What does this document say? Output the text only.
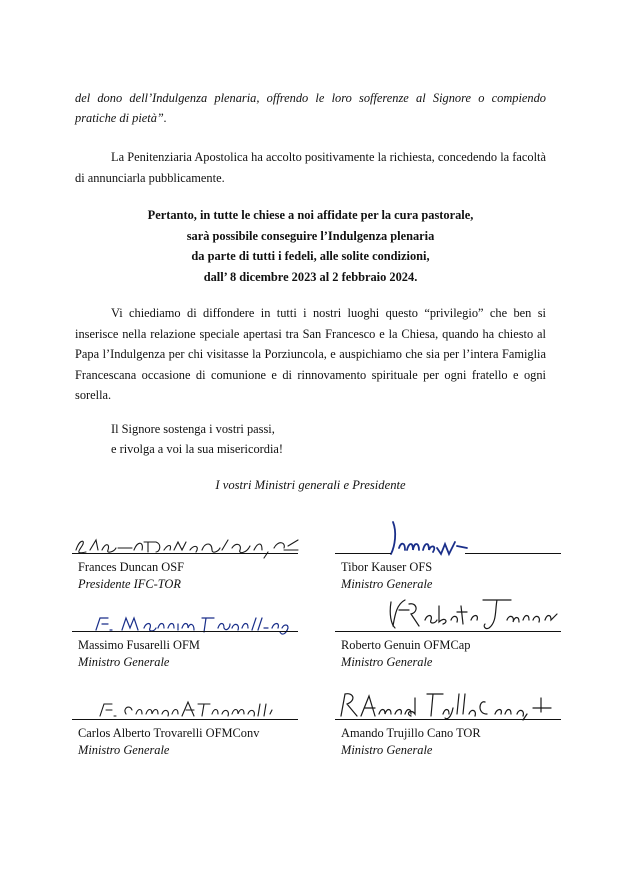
del dono dell’Indulgenza plenaria, offrendo le loro sofferenze al Signore o compiendo

pratiche di pietà”.

La Penitenziaria Apostolica ha accolto positivamente la richiesta, concedendo la facoltà di annunciarla pubblicamente.

Pertanto, in tutte le chiese a noi affidate per la cura pastorale,
sarà possibile conseguire l’Indulgenza plenaria
da parte di tutti i fedeli, alle solite condizioni,
dall’ 8 dicembre 2023 al 2 febbraio 2024.

Vi chiediamo di diffondere in tutti i nostri luoghi questo “privilegio” che ben si inserisce nella relazione speciale apertasi tra San Francesco e la Chiesa, quando ha chiesto al Papa l’Indulgenza per chi visitasse la Porziuncola, e auspichiamo che sia per l’intera Famiglia Francescana occasione di comunione e di rinnovamento spirituale per ogni fratello e ogni sorella.

Il Signore sostenga i vostri passi,
e rivolga a voi la sua misericordia!
I vostri Ministri generali e Presidente
Frances Duncan OSF
Presidente IFC-TOR
Tibor Kauser OFS
Ministro Generale
Massimo Fusarelli OFM
Ministro Generale
Roberto Genuin OFMCap
Ministro Generale
Carlos Alberto Trovarelli OFMConv
Ministro Generale
Amando Trujillo Cano TOR
Ministro Generale
